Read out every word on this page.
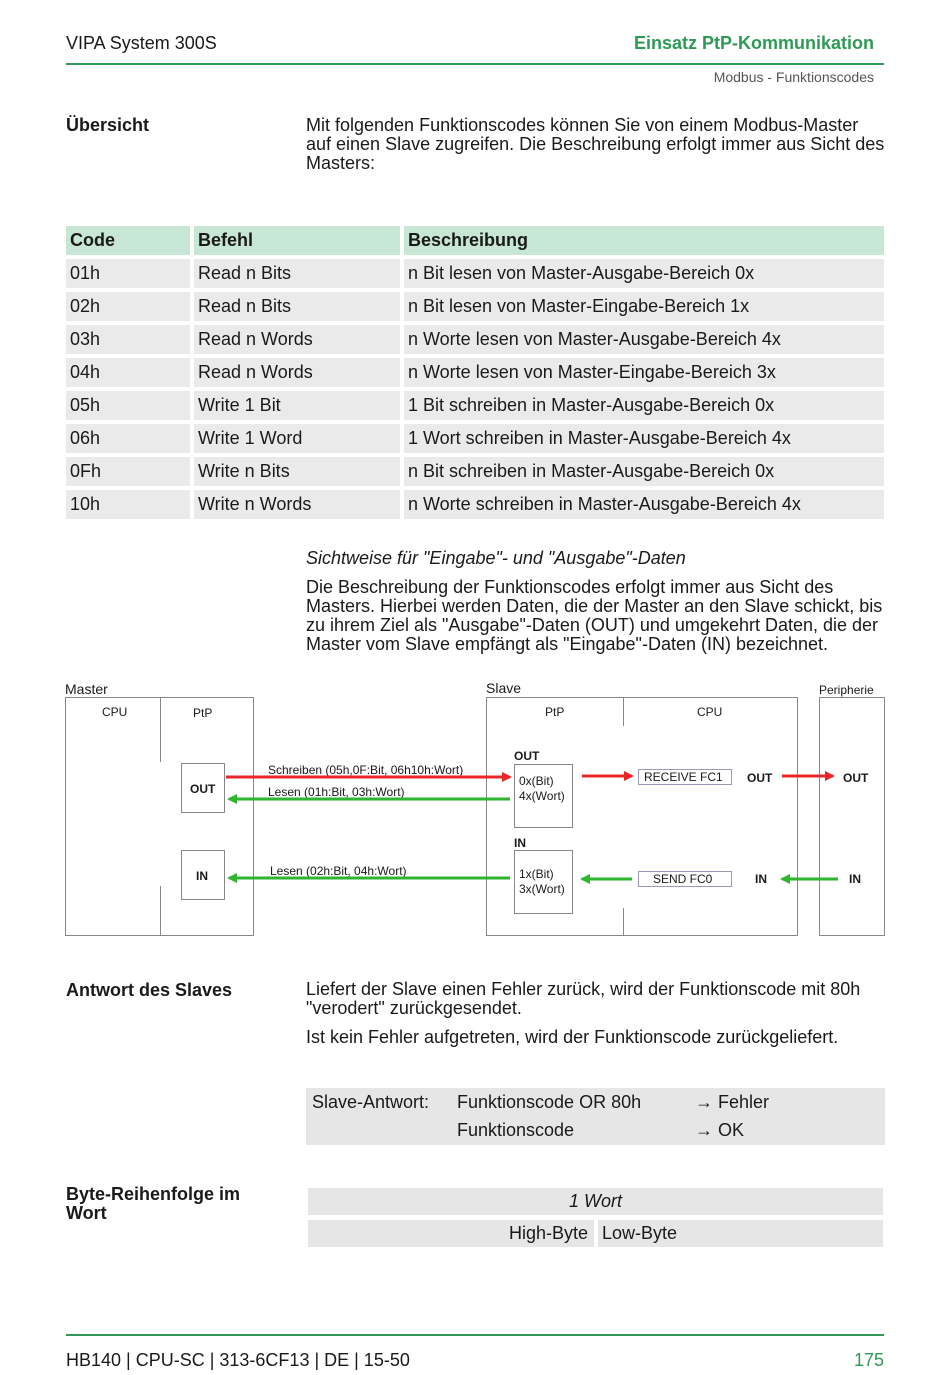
VIPA System 300S	Einsatz PtP-Kommunikation
Modbus - Funktionscodes
Übersicht	Mit folgenden Funktionscodes können Sie von einem Modbus-Master auf einen Slave zugreifen. Die Beschreibung erfolgt immer aus Sicht des Masters:
Code	Befehl	Beschreibung
01h	Read n Bits	n Bit lesen von Master-Ausgabe-Bereich 0x
02h	Read n Bits	n Bit lesen von Master-Eingabe-Bereich 1x
03h	Read n Words	n Worte lesen von Master-Ausgabe-Bereich 4x
04h	Read n Words	n Worte lesen von Master-Eingabe-Bereich 3x
05h	Write 1 Bit	1 Bit schreiben in Master-Ausgabe-Bereich 0x
06h	Write 1 Word	1 Wort schreiben in Master-Ausgabe-Bereich 4x
0Fh	Write n Bits	n Bit schreiben in Master-Ausgabe-Bereich 0x
10h	Write n Words	n Worte schreiben in Master-Ausgabe-Bereich 4x
Sichtweise für "Eingabe"- und "Ausgabe"-Daten
Die Beschreibung der Funktionscodes erfolgt immer aus Sicht des Masters. Hierbei werden Daten, die der Master an den Slave schickt, bis zu ihrem Ziel als "Ausgabe"-Daten (OUT) und umgekehrt Daten, die der Master vom Slave empfängt als "Eingabe"-Daten (IN) bezeichnet.
Master	Slave	Peripherie
CPU	PtP
OUT
IN
PtP	CPU
OUT
0x(Bit)
4x(Wort)
IN
1x(Bit)
3x(Wort)
RECEIVE FC1
SEND FC0
OUT
IN
OUT
IN
Schreiben (05h,0F:Bit, 06h10h:Wort)
Lesen (01h:Bit, 03h:Wort)
Lesen (02h:Bit, 04h:Wort)
Antwort des Slaves	Liefert der Slave einen Fehler zurück, wird der Funktionscode mit 80h "verodert" zurückgesendet.
Ist kein Fehler aufgetreten, wird der Funktionscode zurückgeliefert.
Slave-Antwort: Funktionscode OR 80h	→ Fehler
Funktionscode	→ OK
Byte-Reihenfolge im Wort
1 Wort
High-Byte Low-Byte
HB140 | CPU-SC | 313-6CF13 | DE | 15-50	175
